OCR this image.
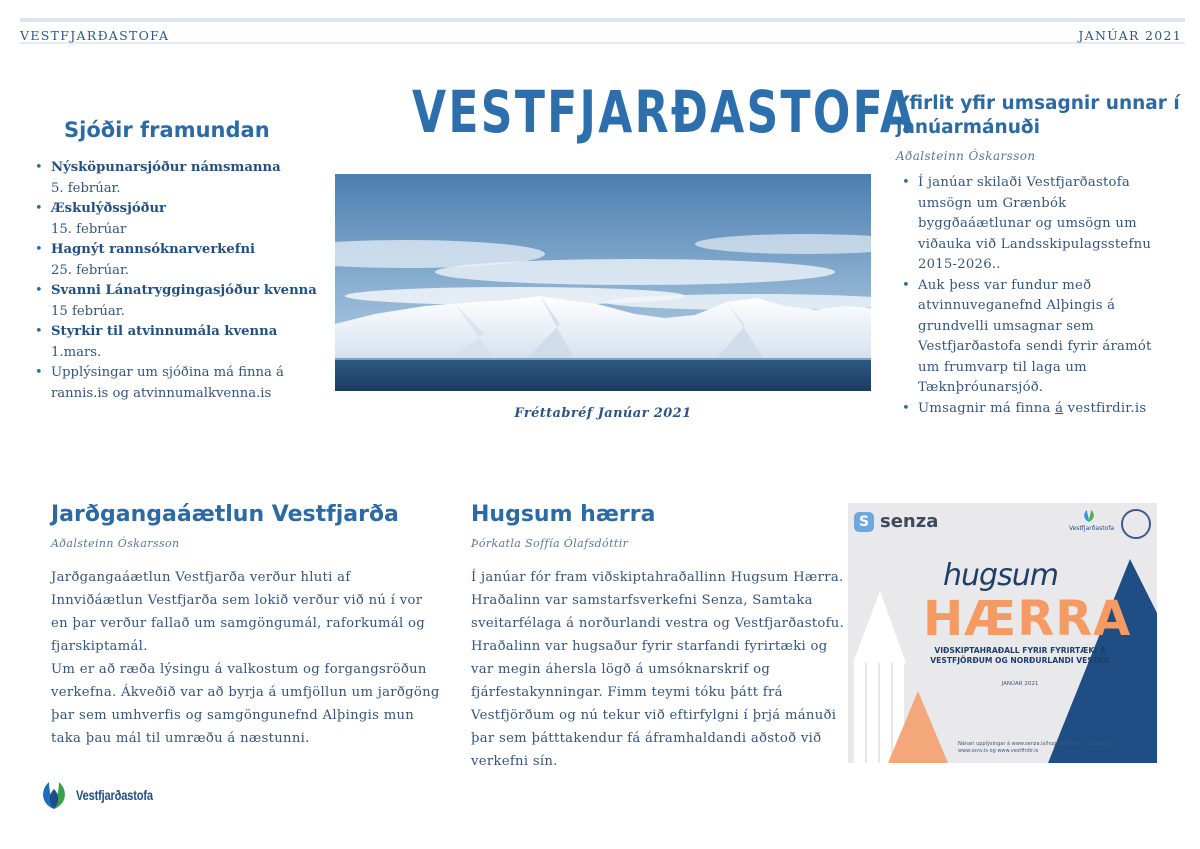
VESTFJARÐASTOFA	JANÚAR 2021
VESTFJARÐASTOFA
Sjóðir framundan
• Nýsköpunarsjóður námsmanna
5. febrúar.
• Æskulýðssjóður
15. febrúar
• Hagnýt rannsóknarverkefni
25. febrúar.
• Svanni Lánatryggingasjóður kvenna
15 febrúar.
• Styrkir til atvinnumála kvenna
1.mars.
• Upplýsingar um sjóðina má finna á rannis.is og atvinnumalkvenna.is
Fréttabréf Janúar 2021
Yfirlit yfir umsagnir unnar í janúarmánuði
Aðalsteinn Óskarsson
• Í janúar skilaði Vestfjarðastofa umsögn um Grænbók byggðaáætlunar og umsögn um viðauka við Landsskipulagsstefnu 2015-2026..
• Auk þess var fundur með atvinnuveganefnd Alþingis á grundvelli umsagnar sem Vestfjarðastofa sendi fyrir áramót um frumvarp til laga um Tæknþróunarsjóð.
• Umsagnir má finna á vestfirdir.is
Jarðgangaáætlun Vestfjarða
Aðalsteinn Óskarsson

Jarðgangaáætlun Vestfjarða verður hluti af Innviðáætlun Vestfjarða sem lokið verður við nú í vor en þar verður fallað um samgöngumál, raforkumál og fjarskiptamál.

Um er að ræða lýsingu á valkostum og forgangsröðun verkefna. Ákveðið var að byrja á umfjöllun um jarðgöng þar sem umhverfis og samgöngunefnd Alþingis mun taka þau mál til umræðu á næstunni.

Hugsum hærra
Þórkatla Soffía Ólafsdóttir

Í janúar fór fram viðskiptahraðallinn Hugsum Hærra. Hraðalinn var samstarfsverkefni Senza, Samtaka sveitarfélaga á norðurlandi vestra og Vestfjarðastofu. Hraðalinn var hugsaður fyrir starfandi fyrirtæki og var megin áhersla lögð á umsóknarskrif og fjárfestakynningar. Fimm teymi tóku þátt frá Vestfjörðum og nú tekur við eftirfylgni í þrjá mánuði þar sem þátttakendur fá áframhaldandi aðstoð við verkefni sín.

S senza	Vestfjarðastofa
hugsum
HÆRRA
VIÐSKIPTAHRAÐALL FYRIR FYRIRTÆKI Á VESTFJÖRÐUM OG NORÐURLANDI VESTRA
JANÚAR 2021
Nánari upplýsingar á www.senza.is/hugsumhaerra · Skráning á www.ssnv.is og www.vestfirdir.is
Vestfjarðastofa
